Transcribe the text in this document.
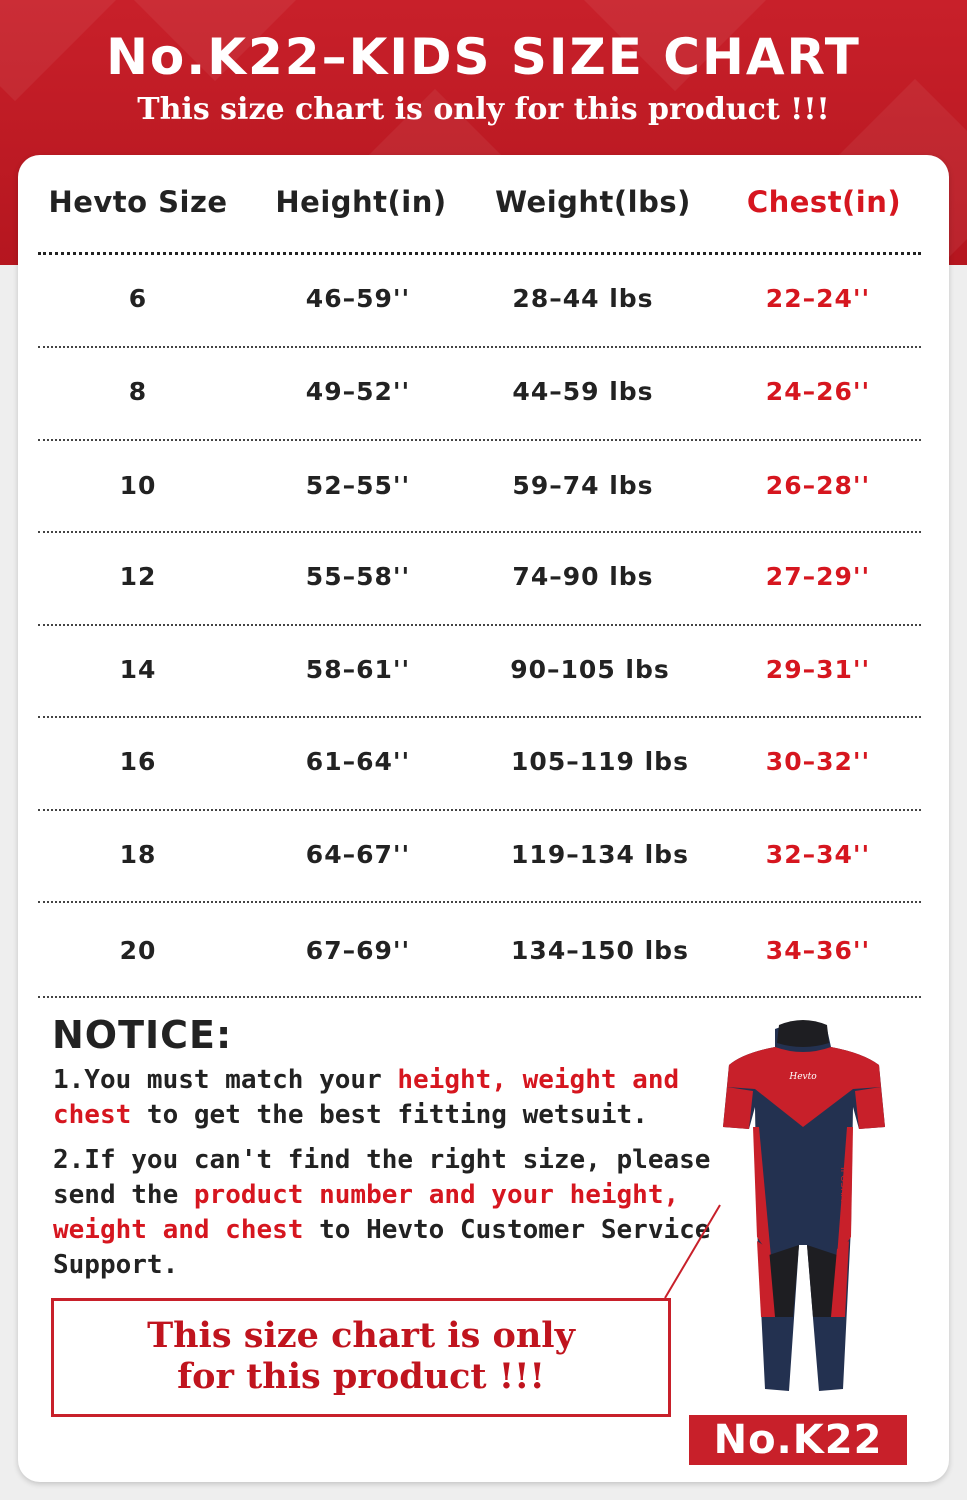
No.K22–KIDS SIZE CHART

This size chart is only for this product !!!

Hevto Size Height(in) Weight(lbs) Chest(in)
6	46–59''	28–44 lbs	22–24''
8	49–52''	44–59 lbs	24–26''
10	52–55''	59–74 lbs	26–28''
12	55–58''	74–90 lbs	27–29''
14	58–61''	90–105 lbs	29–31''
16	61–64''	105–119 lbs	30–32''
18	64–67''	119–134 lbs	32–34''
20	67–69''	134–150 lbs	34–36''
NOTICE:

1.You must match your height, weight and
chest to get the best fitting wetsuit.

2.If you can't find the right size, please
send the product number and your height,
weight and chest to Hevto Customer Service
Support.

This size chart is only

for this product !!!

Hevto
II·OSHA
No.K22
